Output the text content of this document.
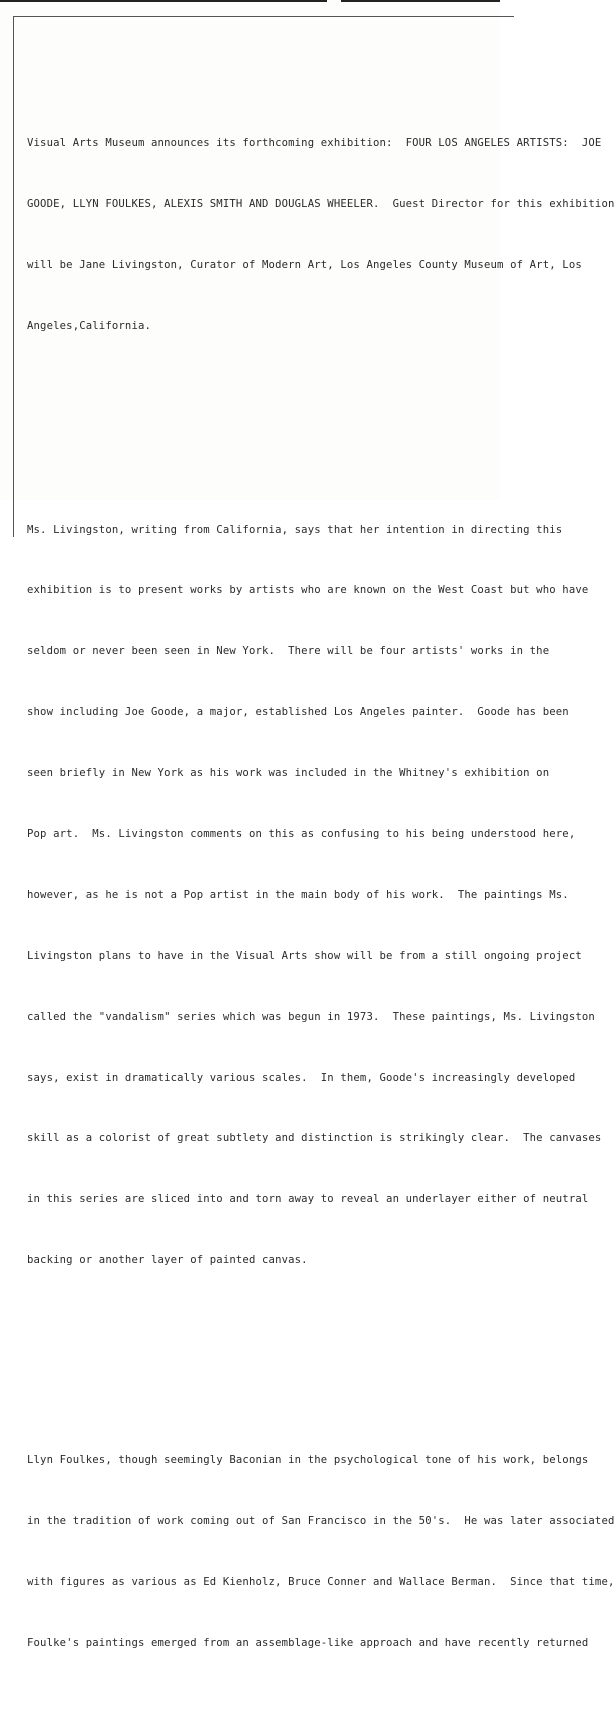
Visual Arts Museum announces its forthcoming exhibition:  FOUR LOS ANGELES ARTISTS:  JOE

GOODE, LLYN FOULKES, ALEXIS SMITH AND DOUGLAS WHEELER.  Guest Director for this exhibition

will be Jane Livingston, Curator of Modern Art, Los Angeles County Museum of Art, Los

Angeles,California.

Ms. Livingston, writing from California, says that her intention in directing this

exhibition is to present works by artists who are known on the West Coast but who have

seldom or never been seen in New York.  There will be four artists' works in the

show including Joe Goode, a major, established Los Angeles painter.  Goode has been

seen briefly in New York as his work was included in the Whitney's exhibition on

Pop art.  Ms. Livingston comments on this as confusing to his being understood here,

however, as he is not a Pop artist in the main body of his work.  The paintings Ms.

Livingston plans to have in the Visual Arts show will be from a still ongoing project

called the "vandalism" series which was begun in 1973.  These paintings, Ms. Livingston

says, exist in dramatically various scales.  In them, Goode's increasingly developed

skill as a colorist of great subtlety and distinction is strikingly clear.  The canvases

in this series are sliced into and torn away to reveal an underlayer either of neutral

backing or another layer of painted canvas.

Llyn Foulkes, though seemingly Baconian in the psychological tone of his work, belongs

in the tradition of work coming out of San Francisco in the 50's.  He was later associated

with figures as various as Ed Kienholz, Bruce Conner and Wallace Berman.  Since that time,

Foulke's paintings emerged from an assemblage-like approach and have recently returned
